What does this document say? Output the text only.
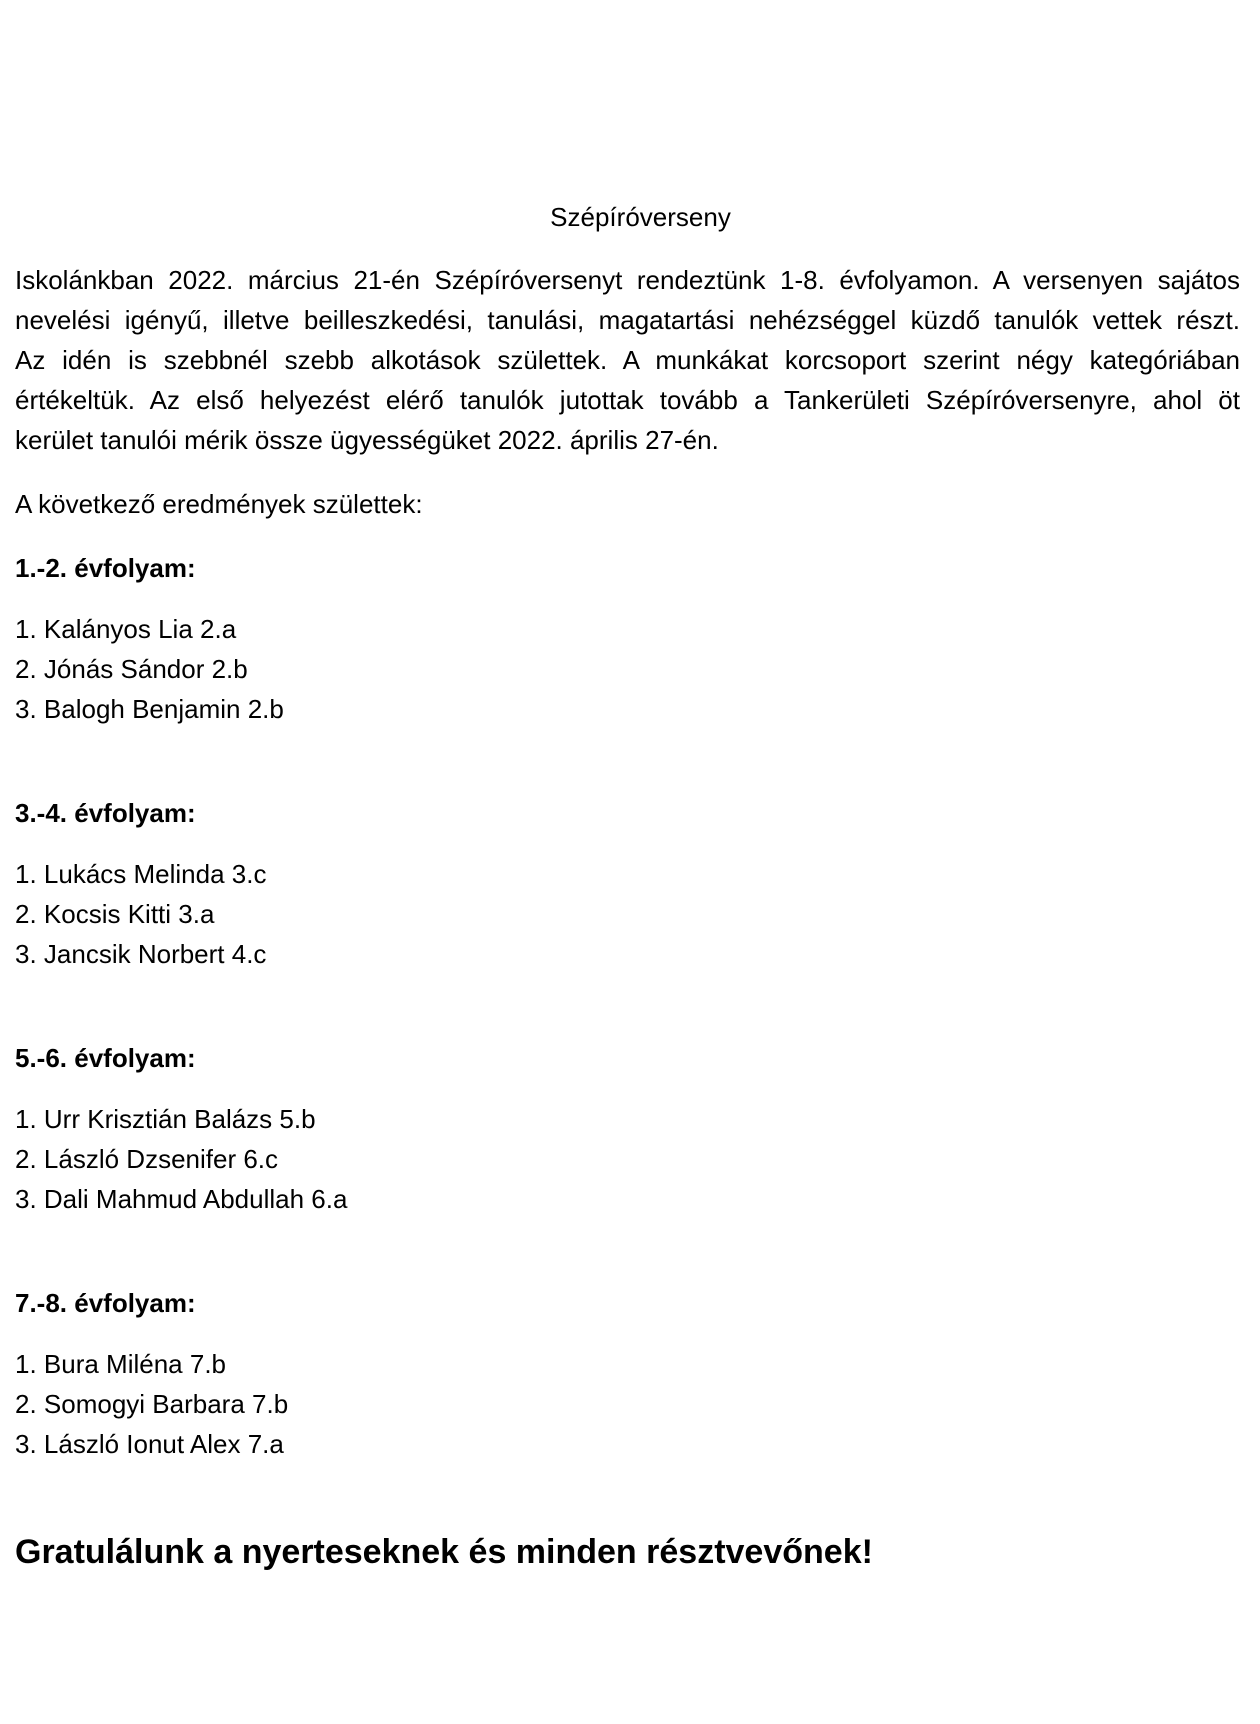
Szépíróverseny
Iskolánkban 2022. március 21-én Szépíróversenyt rendeztünk 1-8. évfolyamon. A versenyen sajátos
nevelési igényű, illetve beilleszkedési, tanulási, magatartási nehézséggel küzdő tanulók vettek részt.
Az idén is szebbnél szebb alkotások születtek. A munkákat korcsoport szerint négy kategóriában
értékeltük. Az első helyezést elérő tanulók jutottak tovább a Tankerületi Szépíróversenyre, ahol öt
kerület tanulói mérik össze ügyességüket 2022. április 27-én.
A következő eredmények születtek:
1.-2. évfolyam:
1. Kalányos Lia 2.a
2. Jónás Sándor 2.b
3. Balogh Benjamin 2.b
3.-4. évfolyam:
1. Lukács Melinda 3.c
2. Kocsis Kitti 3.a
3. Jancsik Norbert 4.c
5.-6. évfolyam:
1. Urr Krisztián Balázs 5.b
2. László Dzsenifer 6.c
3. Dali Mahmud Abdullah 6.a
7.-8. évfolyam:
1. Bura Miléna 7.b
2. Somogyi Barbara 7.b
3. László Ionut Alex 7.a
Gratulálunk a nyerteseknek és minden résztvevőnek!
